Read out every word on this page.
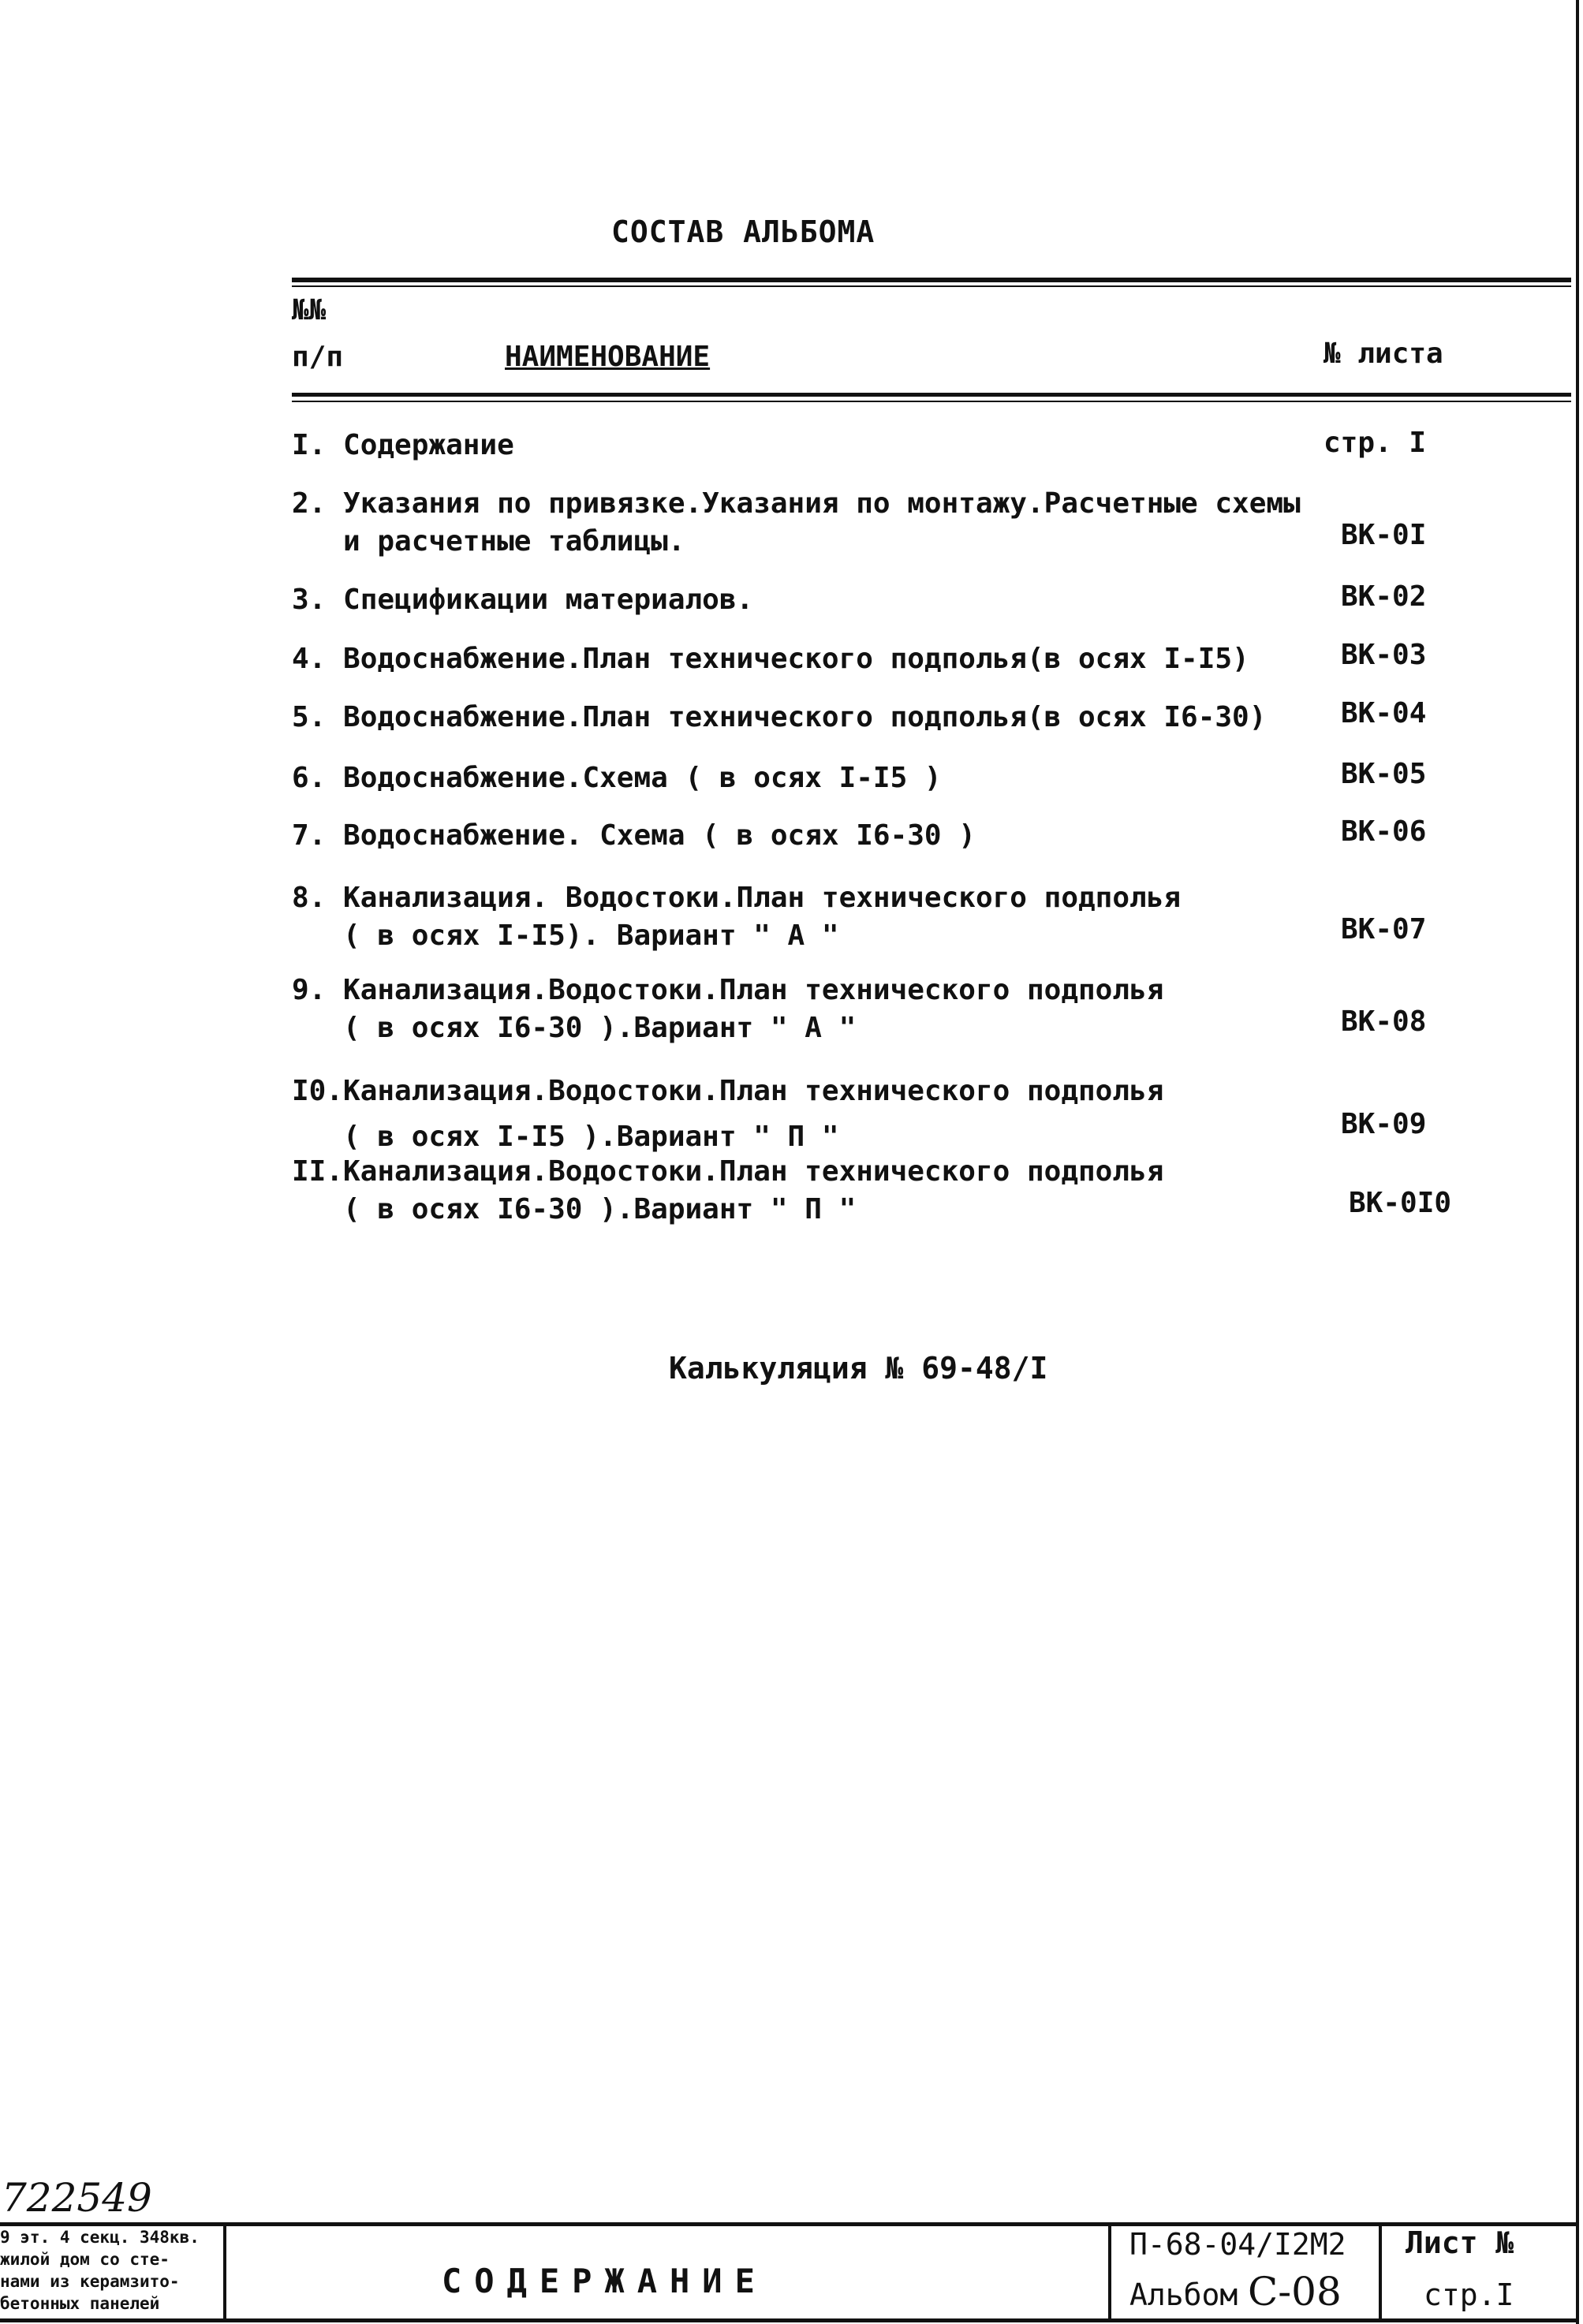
СОСТАВ АЛЬБОМА
№№
п/п	НАИМЕНОВАНИЕ	№ листа
I. Содержание	стр. I
2. Указания по привязке.Указания по монтажу.Расчетные схемы
и расчетные таблицы.	ВК-0I
3. Спецификации материалов.	ВК-02
4. Водоснабжение.План технического подполья(в осях I-I5)	ВК-03
5. Водоснабжение.План технического подполья(в осях I6-30)	ВК-04
6. Водоснабжение.Схема ( в осях I-I5 )	ВК-05
7. Водоснабжение. Схема ( в осях I6-30 )	ВК-06
8. Канализация. Водостоки.План технического подполья
( в осях I-I5). Вариант " А "	ВК-07
9. Канализация.Водостоки.План технического подполья
( в осях I6-30 ).Вариант " А "	ВК-08
I0.Канализация.Водостоки.План технического подполья
( в осях I-I5 ).Вариант " П "	ВК-09
II.Канализация.Водостоки.План технического подполья
( в осях I6-30 ).Вариант " П "	ВК-0I0
Калькуляция № 69-48/I
722549
9 эт. 4 секц. 348кв.
жилой дом со сте-
нами из керамзитo-
бетонных панелей
СОДЕРЖАНИЕ
П-68-04/I2М2
Альбом С-08
Лист №
стр.I
